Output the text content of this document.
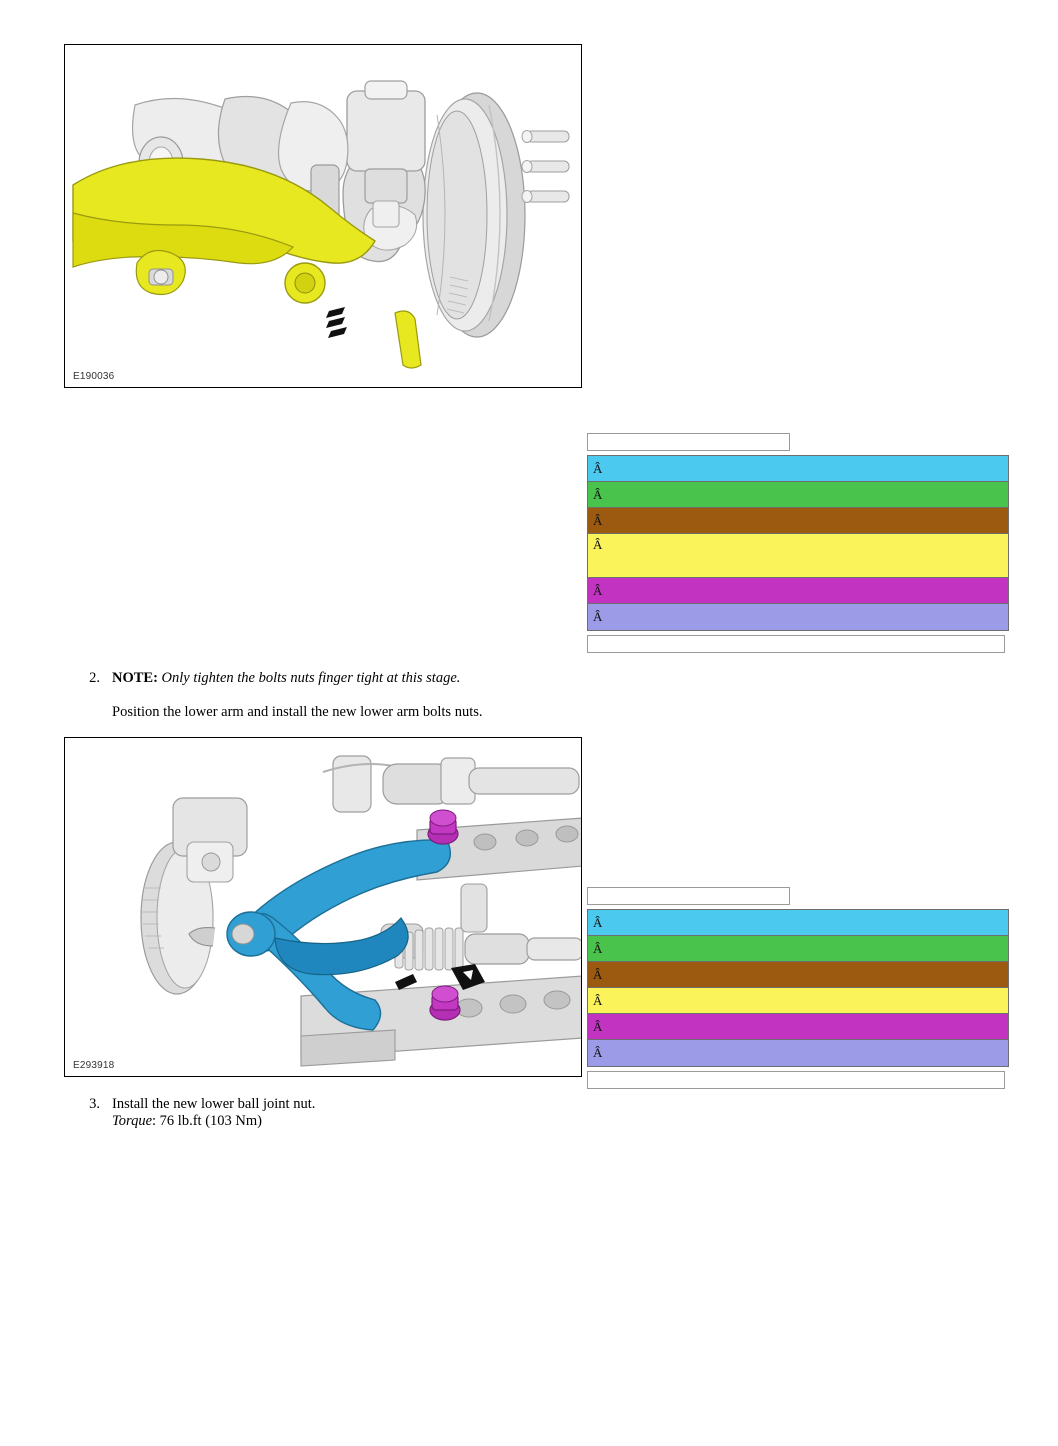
E190036
Â
Â
Â
Â
Â
Â
2. NOTE: Only tighten the bolts nuts finger tight at this stage.
Position the lower arm and install the new lower arm bolts nuts.
E293918
Â
Â
Â
Â
Â
Â
3. Install the new lower ball joint nut.
Torque: 76 lb.ft (103 Nm)
